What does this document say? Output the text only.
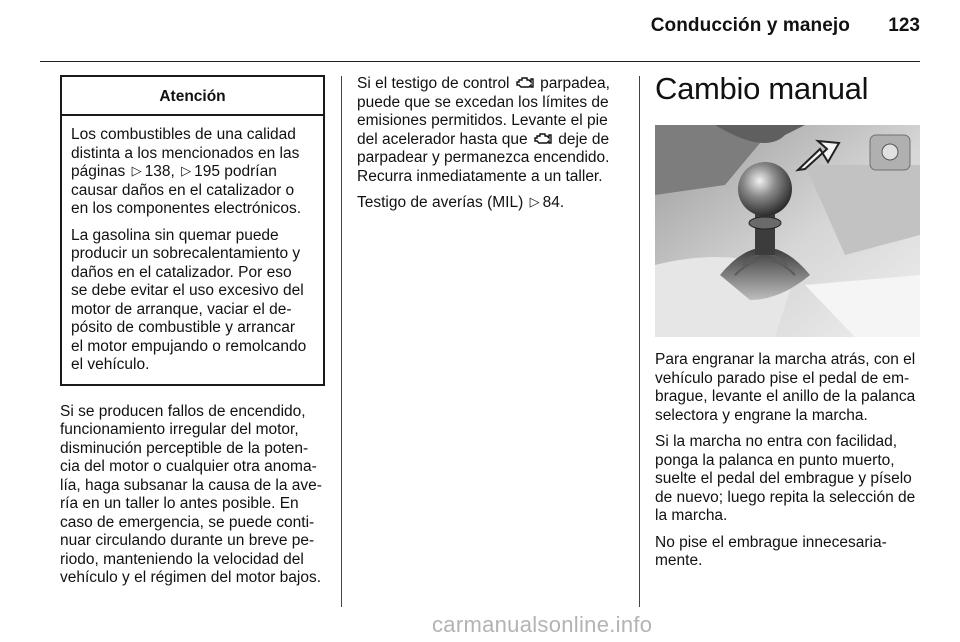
Conducción y manejo 123
Atención

Los combustibles de una calidad
distinta a los mencionados en las
páginas ▷ 138, ▷ 195 podrían
causar daños en el catalizador o
en los componentes electrónicos.

La gasolina sin quemar puede
producir un sobrecalentamiento y
daños en el catalizador. Por eso
se debe evitar el uso excesivo del
motor de arranque, vaciar el de-
pósito de combustible y arrancar
el motor empujando o remolcando
el vehículo.

Si se producen fallos de encendido,
funcionamiento irregular del motor,
disminución perceptible de la poten-
cia del motor o cualquier otra anoma-
lía, haga subsanar la causa de la ave-
ría en un taller lo antes posible. En
caso de emergencia, se puede conti-
nuar circulando durante un breve pe-
riodo, manteniendo la velocidad del
vehículo y el régimen del motor bajos.

Si el testigo de control parpadea,
puede que se excedan los límites de
emisiones permitidos. Levante el pie
del acelerador hasta que deje de
parpadear y permanezca encendido.
Recurra inmediatamente a un taller.

Testigo de averías (MIL) ▷ 84.

Cambio manual

Para engranar la marcha atrás, con el
vehículo parado pise el pedal de em-
brague, levante el anillo de la palanca
selectora y engrane la marcha.

Si la marcha no entra con facilidad,
ponga la palanca en punto muerto,
suelte el pedal del embrague y píselo
de nuevo; luego repita la selección de
la marcha.

No pise el embrague innecesaria-
mente.

carmanualsonline.info
